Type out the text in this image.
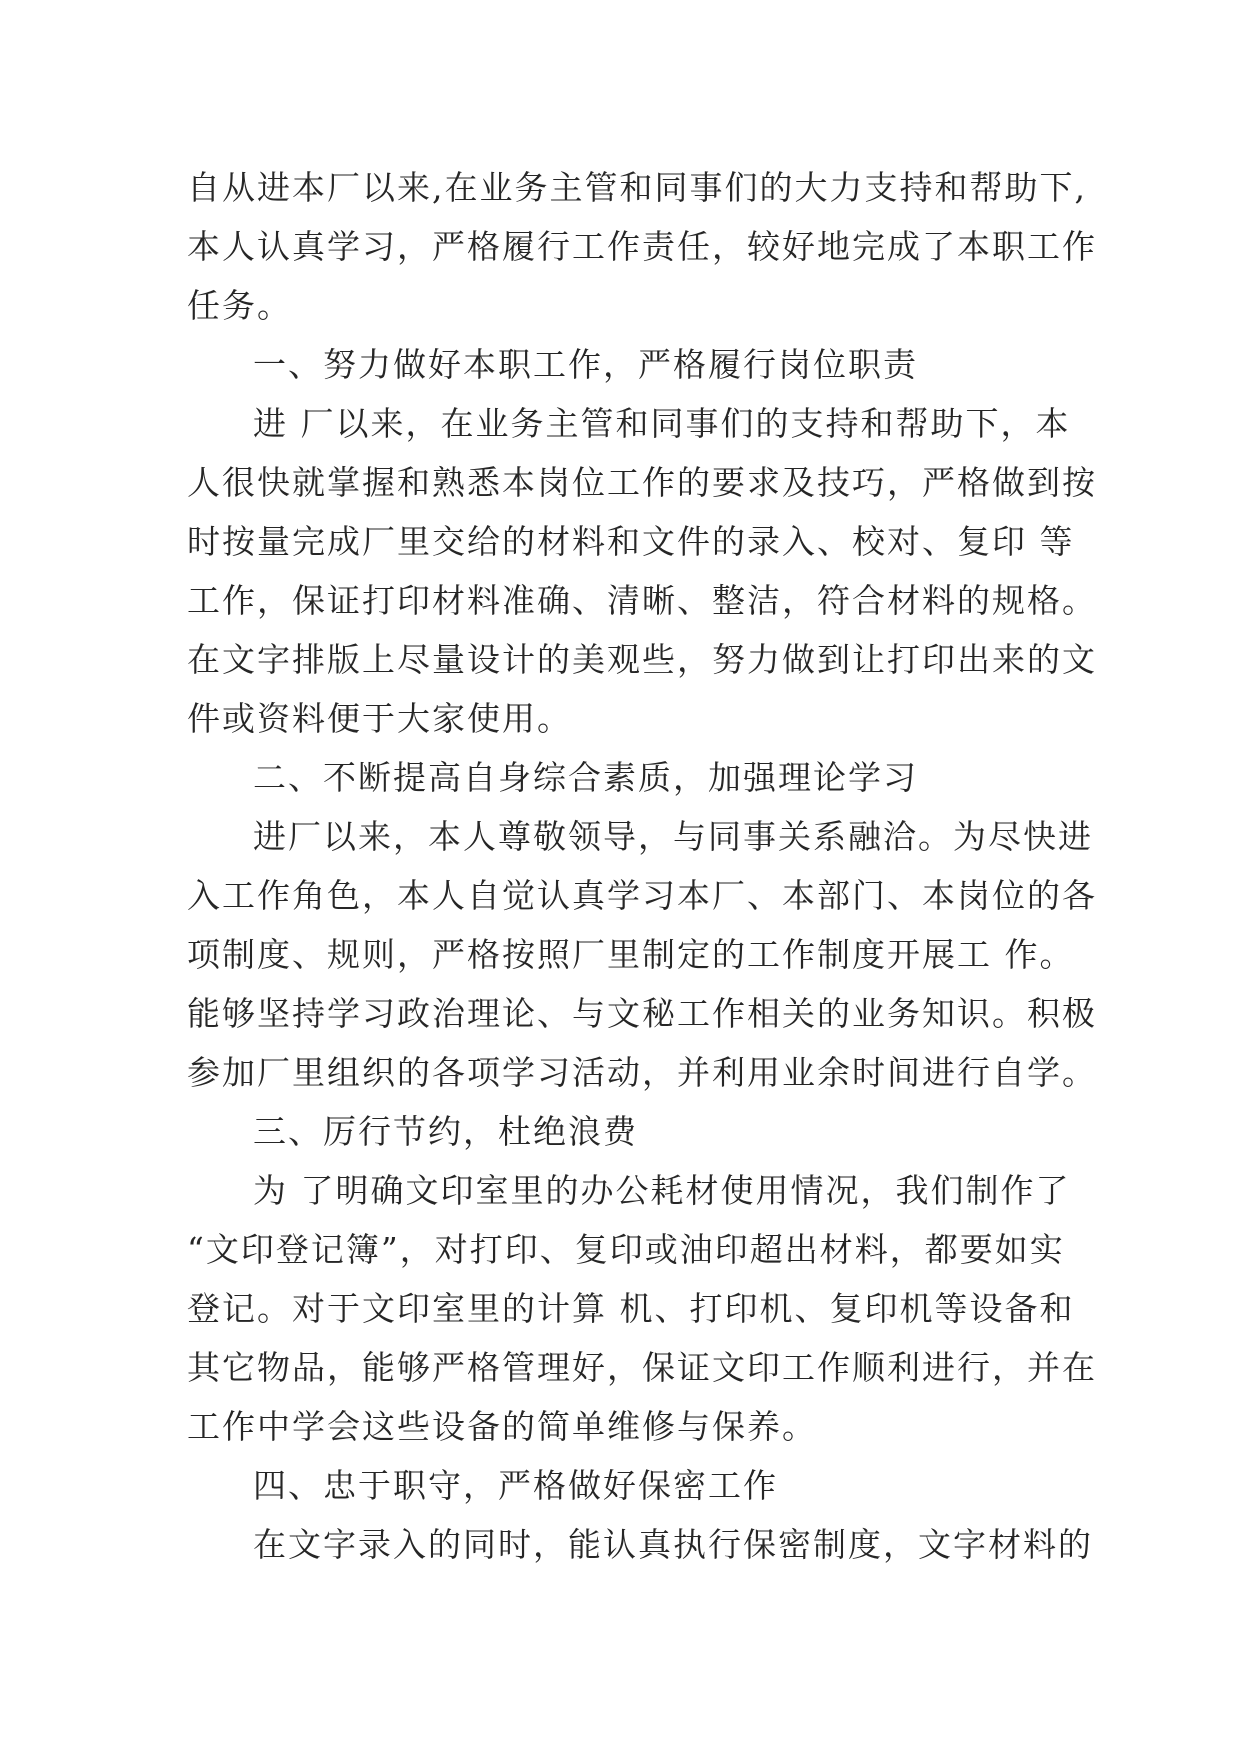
自从进本厂以来,在业务主管和同事们的大力支持和帮助下,
本人认真学习，严格履行工作责任，较好地完成了本职工作
任务。
一、努力做好本职工作，严格履行岗位职责
进 厂以来，在业务主管和同事们的支持和帮助下，本
人很快就掌握和熟悉本岗位工作的要求及技巧，严格做到按
时按量完成厂里交给的材料和文件的录入、校对、复印 等
工作，保证打印材料准确、清晰、整洁，符合材料的规格。
在文字排版上尽量设计的美观些，努力做到让打印出来的文
件或资料便于大家使用。
二、不断提高自身综合素质，加强理论学习
进厂以来，本人尊敬领导，与同事关系融洽。为尽快进
入工作角色，本人自觉认真学习本厂、本部门、本岗位的各
项制度、规则，严格按照厂里制定的工作制度开展工 作。
能够坚持学习政治理论、与文秘工作相关的业务知识。积极
参加厂里组织的各项学习活动，并利用业余时间进行自学。
三、厉行节约，杜绝浪费
为 了明确文印室里的办公耗材使用情况，我们制作了
“文印登记簿”，对打印、复印或油印超出材料，都要如实
登记。对于文印室里的计算 机、打印机、复印机等设备和
其它物品，能够严格管理好，保证文印工作顺利进行，并在
工作中学会这些设备的简单维修与保养。
四、忠于职守，严格做好保密工作
在文字录入的同时，能认真执行保密制度，文字材料的
